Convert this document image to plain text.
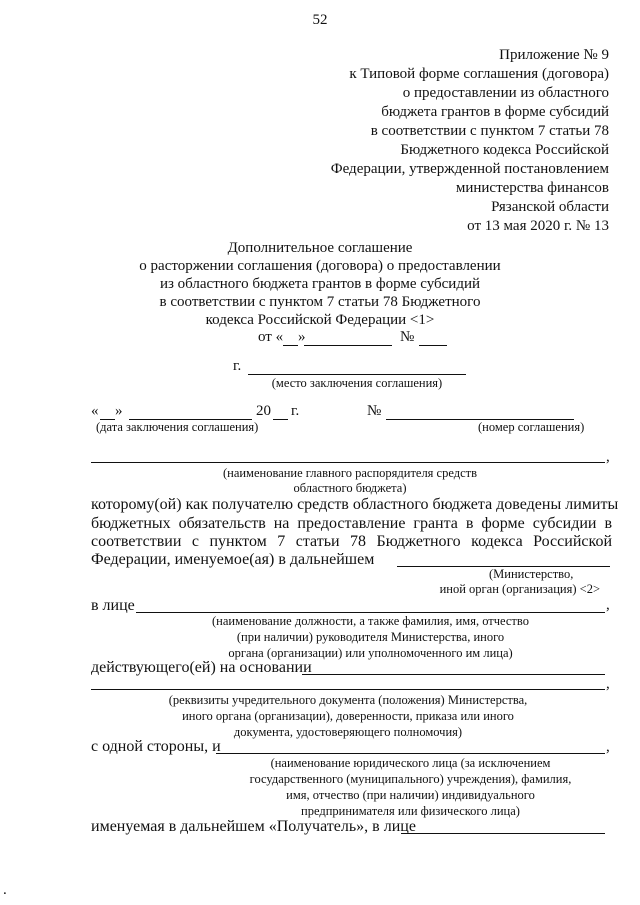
52
Приложение № 9
к Типовой форме соглашения (договора)
о предоставлении из областного
бюджета грантов в форме субсидий
в соответствии с пунктом 7 статьи 78
Бюджетного кодекса Российской
Федерации, утвержденной постановлением
министерства финансов
Рязанской области
от 13 мая 2020 г. № 13
Дополнительное соглашение
о расторжении соглашения (договора) о предоставлении
из областного бюджета грантов в форме субсидий
в соответствии с пунктом 7 статьи 78 Бюджетного
кодекса Российской Федерации <1>
от « »	№
г.
(место заключения соглашения)
« »	20 г.	№
(дата заключения соглашения)	(номер соглашения)
,
(наименование главного распорядителя средств
областного бюджета)
которому(ой) как получателю средств областного бюджета доведены лимиты
бюджетных обязательств на предоставление гранта в форме субсидии в
соответствии с пунктом 7 статьи 78 Бюджетного кодекса Российской
Федерации, именуемое(ая) в дальнейшем
(Министерство,
иной орган (организация) <2>
в лице	,
(наименование должности, а также фамилия, имя, отчество
(при наличии) руководителя Министерства, иного
органа (организации) или уполномоченного им лица)
действующего(ей) на основании
,
(реквизиты учредительного документа (положения) Министерства,
иного органа (организации), доверенности, приказа или иного
документа, удостоверяющего полномочия)
с одной стороны, и	,
(наименование юридического лица (за исключением
государственного (муниципального) учреждения), фамилия,
имя, отчество (при наличии) индивидуального
предпринимателя или физического лица)
именуемая в дальнейшем «Получатель», в лице
.
